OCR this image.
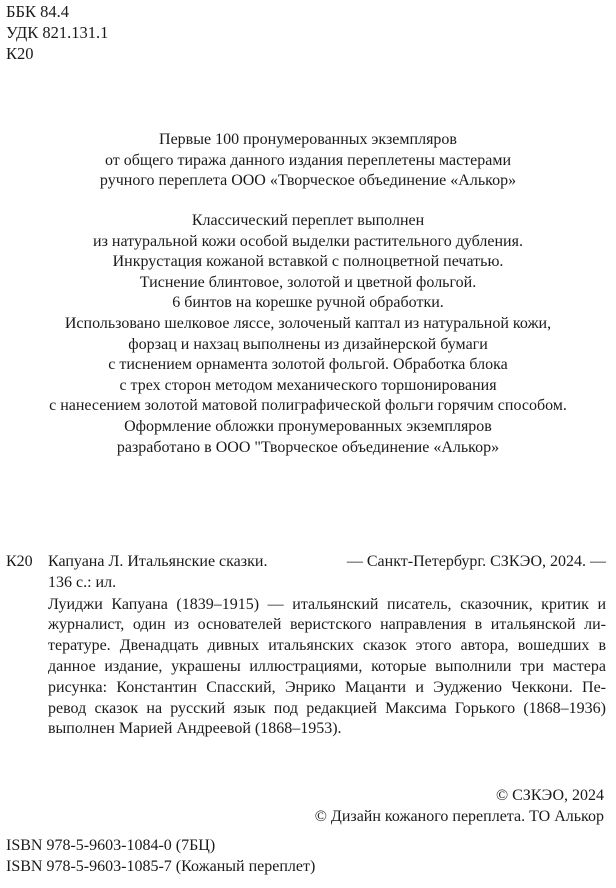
ББК 84.4
УДК 821.131.1
К20
Первые 100 пронумерованных экземпляров
от общего тиража данного издания переплетены мастерами
ручного переплета ООО «Творческое объединение «Алькор»
Классический переплет выполнен
из натуральной кожи особой выделки растительного дубления.
Инкрустация кожаной вставкой с полноцветной печатью.
Тиснение блинтовое, золотой и цветной фольгой.
6 бинтов на корешке ручной обработки.
Использовано шелковое ляссе, золоченый каптал из натуральной кожи,
форзац и нахзац выполнены из дизайнерской бумаги
с тиснением орнамента золотой фольгой. Обработка блока
с трех сторон методом механического торшонирования
с нанесением золотой матовой полиграфической фольги горячим способом.
Оформление обложки пронумерованных экземпляров
разработано в ООО "Творческое объединение «Алькор»
К20 Капуана Л. Итальянские сказки.	— Санкт-Петербург. СЗКЭО, 2024. —
136 с.: ил.
Луиджи Капуана (1839–1915) — итальянский писатель, сказочник, критик и
журналист, один из основателей веристского направления в итальянской ли-
тературе. Двенадцать дивных итальянских сказок этого автора, вошедших в
данное издание, украшены иллюстрациями, которые выполнили три мастера
рисунка: Константин Спасский, Энрико Мацанти и Эудженио Чеккони. Пе-
ревод сказок на русский язык под редакцией Максима Горького (1868–1936)
выполнен Марией Андреевой (1868–1953).
© СЗКЭО, 2024
© Дизайн кожаного переплета. ТО Алькор
ISBN 978-5-9603-1084-0 (7БЦ)
ISBN 978-5-9603-1085-7 (Кожаный переплет)
